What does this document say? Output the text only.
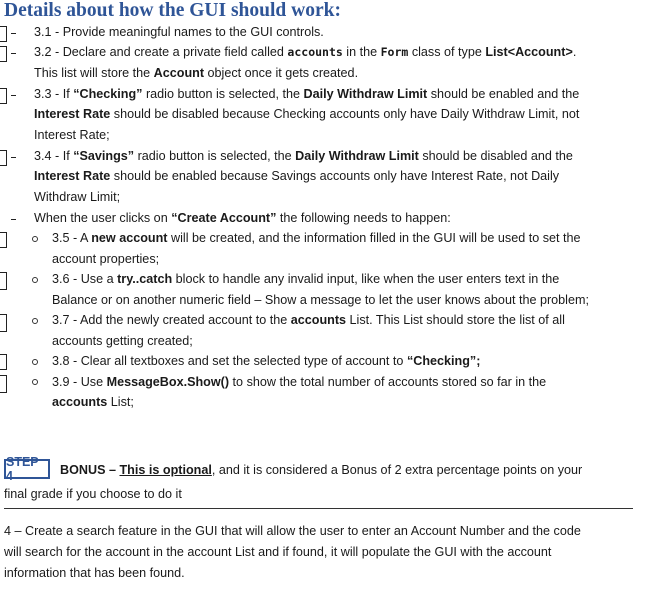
Details about how the GUI should work:
3.1 - Provide meaningful names to the GUI controls.
3.2 - Declare and create a private field called accounts in the Form class of type List<Account>.
This list will store the Account object once it gets created.
3.3 - If “Checking” radio button is selected, the Daily Withdraw Limit should be enabled and the
Interest Rate should be disabled because Checking accounts only have Daily Withdraw Limit, not
Interest Rate;
3.4 - If “Savings” radio button is selected, the Daily Withdraw Limit should be disabled and the
Interest Rate should be enabled because Savings accounts only have Interest Rate, not Daily
Withdraw Limit;
When the user clicks on “Create Account” the following needs to happen:
3.5 - A new account will be created, and the information filled in the GUI will be used to set the
account properties;
3.6 - Use a try..catch block to handle any invalid input, like when the user enters text in the
Balance or on another numeric field – Show a message to let the user knows about the problem;
3.7 - Add the newly created account to the accounts List. This List should store the list of all
accounts getting created;
3.8 - Clear all textboxes and set the selected type of account to “Checking”;
3.9 - Use MessageBox.Show() to show the total number of accounts stored so far in the
accounts List;
STEP 4	BONUS – This is optional, and it is considered a Bonus of 2 extra percentage points on your
final grade if you choose to do it
4 – Create a search feature in the GUI that will allow the user to enter an Account Number and the code
will search for the account in the account List and if found, it will populate the GUI with the account
information that has been found.
